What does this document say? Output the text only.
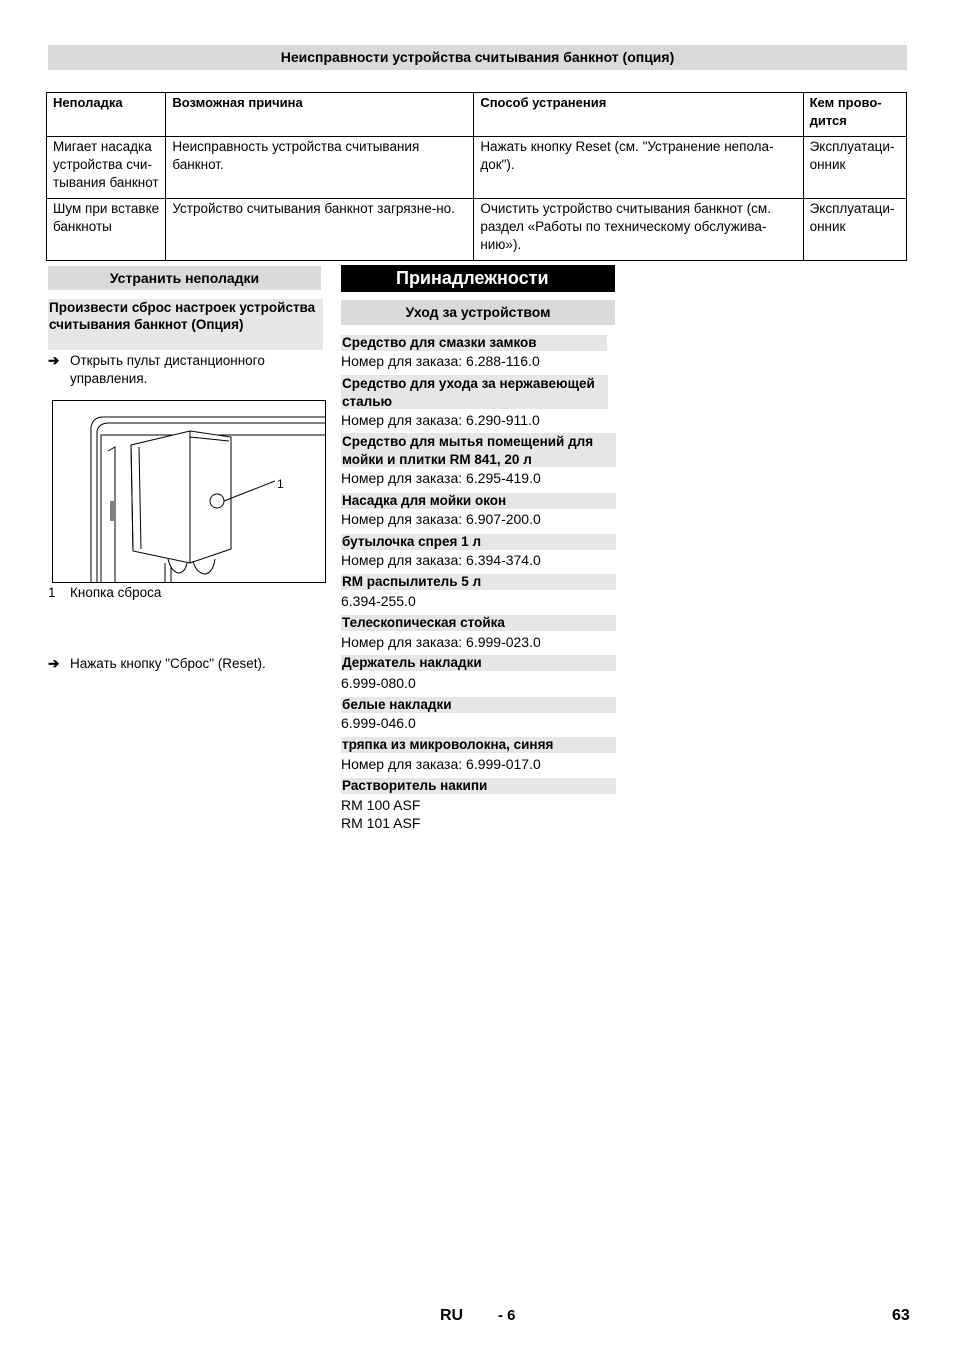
Неисправности устройства считывания банкнот (опция)
Неполадка	Возможная причина	Способ устранения	Кем прово-
дится
Мигает насадка устройства счи-тывания банкнот	Неисправность устройства считывания банкнот.	Нажать кнопку Reset (см. "Устранение непола-док").	Эксплуатаци-онник
Шум при вставке банкноты	Устройство считывания банкнот загрязне-но.	Очистить устройство считывания банкнот (см. раздел «Работы по техническому обслужива-нию»).	Эксплуатаци-онник
Устранить неполадки
Произвести сброс настроек устройства считывания банкнот (Опция)
➔ Открыть пульт дистанционного управления.
1
1 Кнопка сброса
➔ Нажать кнопку "Сброс" (Reset).
Принадлежности
Уход за устройством
Средство для смазки замков
Номер для заказа: 6.288-116.0
Средство для ухода за нержавеющей сталью
Номер для заказа: 6.290-911.0
Средство для мытья помещений для мойки и плитки RM 841, 20 л
Номер для заказа: 6.295-419.0
Насадка для мойки окон
Номер для заказа: 6.907-200.0
бутылочка спрея 1 л
Номер для заказа: 6.394-374.0
RM распылитель 5 л
6.394-255.0
Телескопическая стойка
Номер для заказа: 6.999-023.0
Держатель накладки
6.999-080.0
белые накладки
6.999-046.0
тряпка из микроволокна, синяя
Номер для заказа: 6.999-017.0
Растворитель накипи
RM 100 ASF
RM 101 ASF
RU - 6	63
